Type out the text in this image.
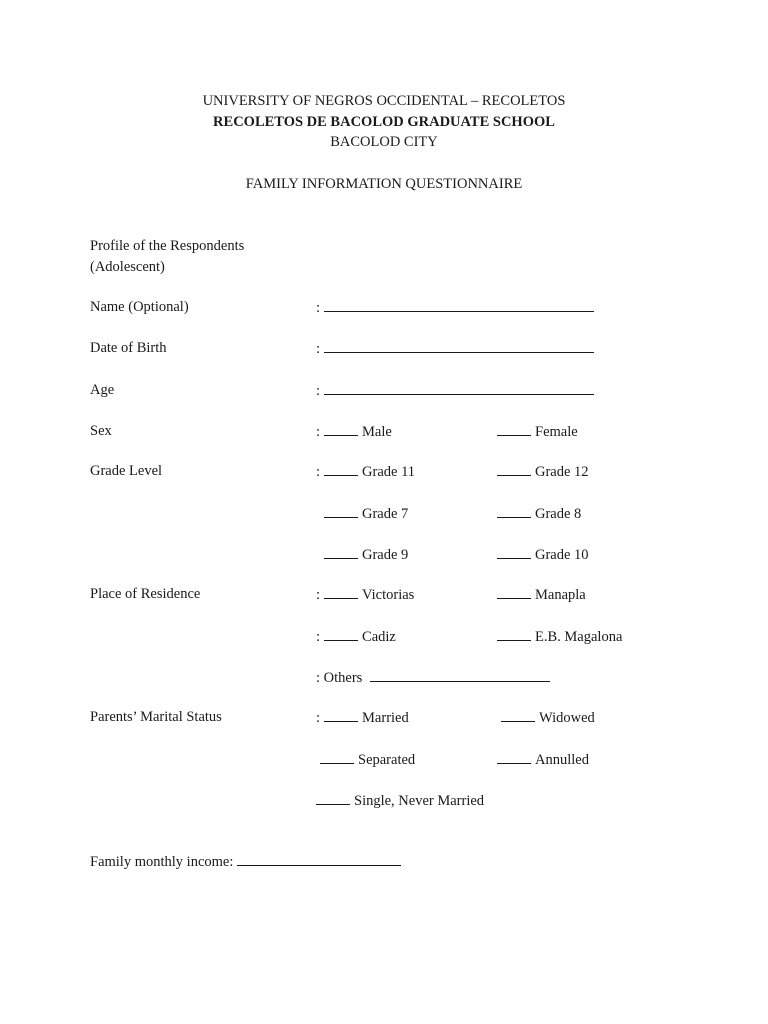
UNIVERSITY OF NEGROS OCCIDENTAL – RECOLETOS
RECOLETOS DE BACOLOD GRADUATE SCHOOL
BACOLOD CITY
FAMILY INFORMATION QUESTIONNAIRE
Profile of the Respondents
(Adolescent)
Name (Optional)	:
Date of Birth	:
Age	:
Sex	:	Male	Female
Grade Level	:	Grade 11	Grade 12
Grade 7	Grade 8
Grade 9	Grade 10
Place of Residence	:	Victorias	Manapla
:	Cadiz	E.B. Magalona
: Others
Parents’ Marital Status	:	Married	Widowed
Separated	Annulled
Single, Never Married
Family monthly income:
